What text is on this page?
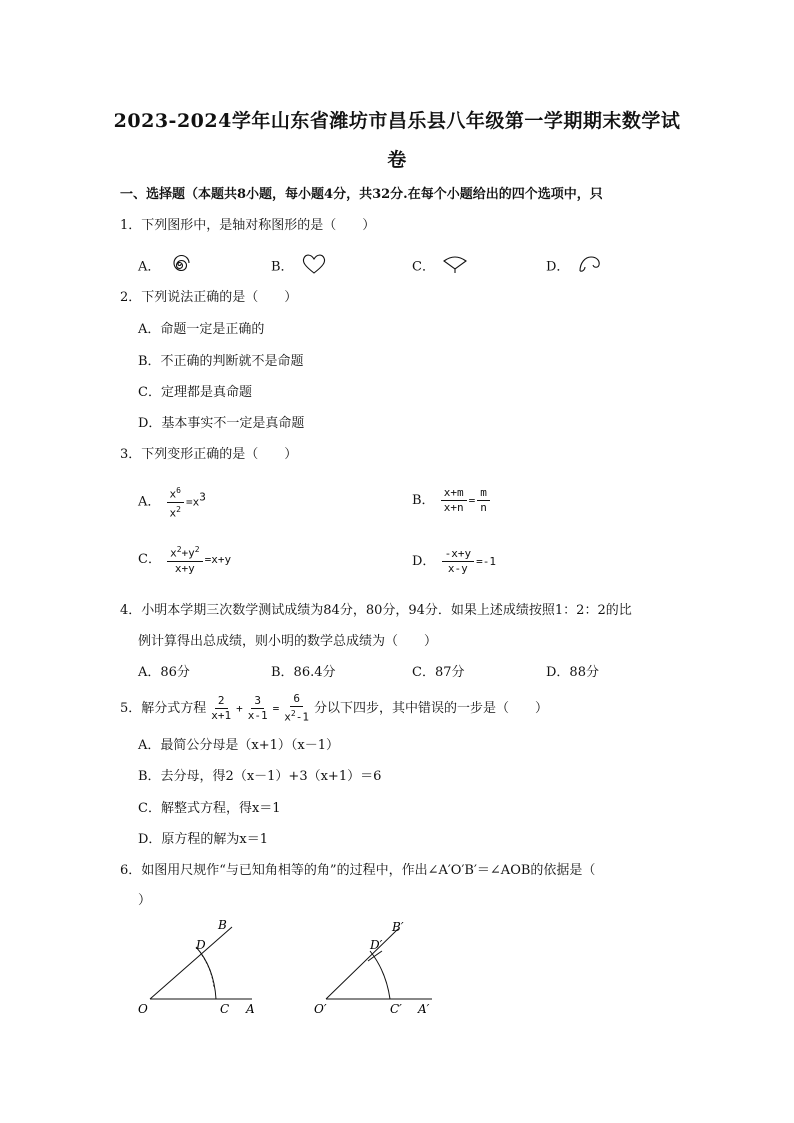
2023-2024学年山东省潍坊市昌乐县八年级第一学期期末数学试
卷
一、选择题（本题共8小题，每小题4分，共32分.在每个小题给出的四个选项中，只
1．下列图形中，是轴对称图形的是（　　）
A．	B．	C．	D．
2．下列说法正确的是（　　）
A．命题一定是正确的
B．不正确的判断就不是命题
C．定理都是真命题
D．基本事实不一定是真命题
3．下列变形正确的是（　　）
A． $\frac{x^6}{x^2} =x^3$	B． $\frac{x+m}{x+n} = \frac{m}{n}$
C． $\frac{x^2+y^2}{x+y} =x+y$	D． $\frac{-x+y}{x-y} =-1$
4．小明本学期三次数学测试成绩为84分，80分，94分．如果上述成绩按照1：2：2的比
例计算得出总成绩，则小明的数学总成绩为（　　）
A．86分	B．86.4分	C．87分	D．88分
5．解分式方程 $\frac{2}{x+1} + \frac{3}{x-1} = \frac{6}{x^2-1}$ 分以下四步，其中错误的一步是（　　）
A．最简公分母是（x+1）（x－1）
B．去分母，得2（x－1）+3（x+1）＝6
C．解整式方程，得x＝1
D．原方程的解为x＝1
6．如图用尺规作“与已知角相等的角”的过程中，作出∠A′O′B′＝∠AOB的依据是（
）
O	C A
B
D
O′	C′ A′
B′
D′
